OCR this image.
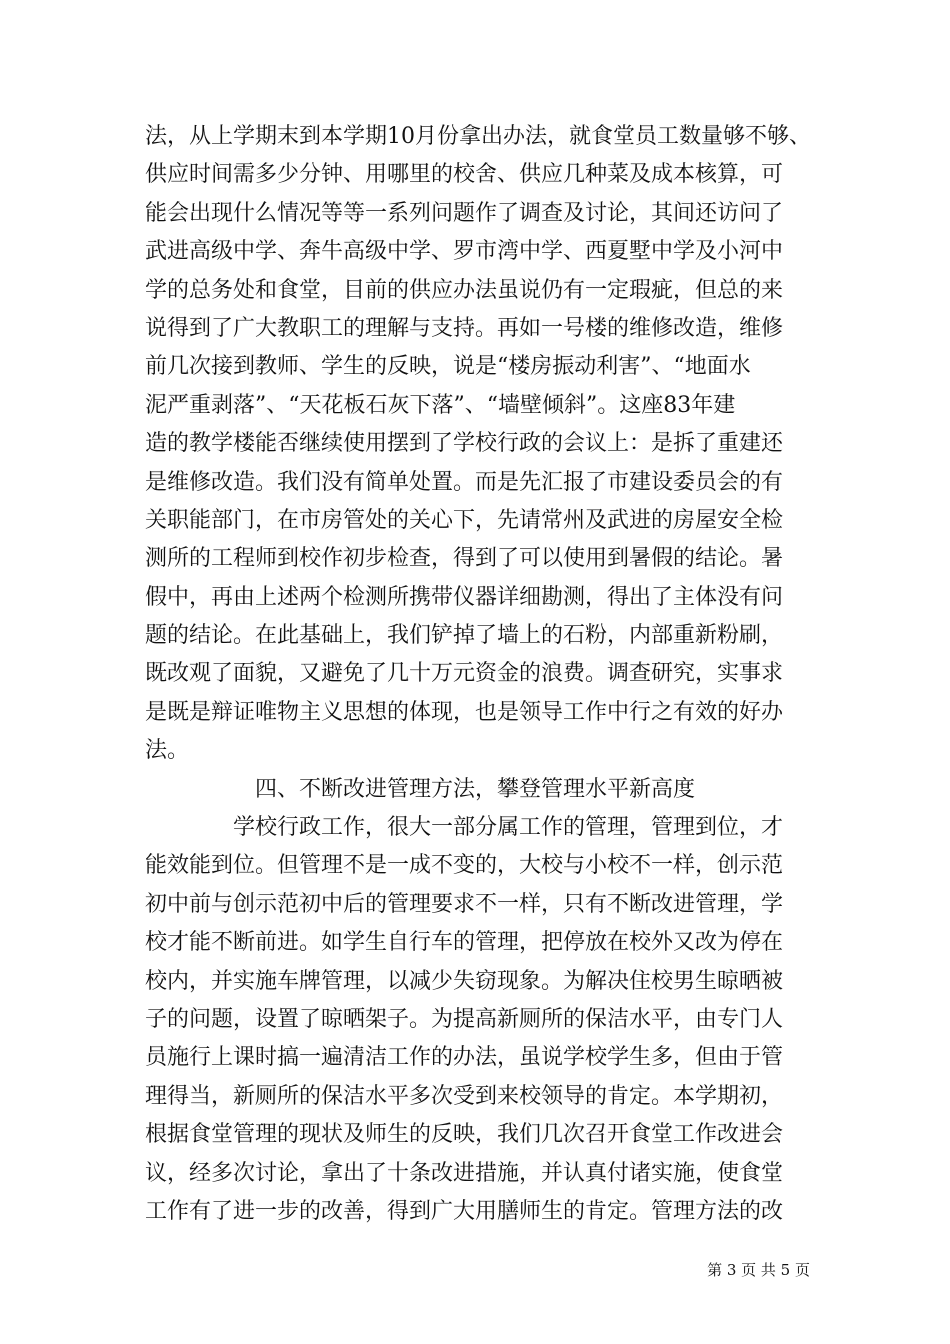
法，从上学期末到本学期10月份拿出办法，就食堂员工数量够不够、
供应时间需多少分钟、用哪里的校舍、供应几种菜及成本核算，可
能会出现什么情况等等一系列问题作了调查及讨论，其间还访问了
武进高级中学、奔牛高级中学、罗市湾中学、西夏墅中学及小河中
学的总务处和食堂，目前的供应办法虽说仍有一定瑕疵，但总的来
说得到了广大教职工的理解与支持。再如一号楼的维修改造，维修
前几次接到教师、学生的反映，说是“楼房振动利害”、“地面水
泥严重剥落”、“天花板石灰下落”、“墙壁倾斜”。这座83年建
造的教学楼能否继续使用摆到了学校行政的会议上：是拆了重建还
是维修改造。我们没有简单处置。而是先汇报了市建设委员会的有
关职能部门，在市房管处的关心下，先请常州及武进的房屋安全检
测所的工程师到校作初步检查，得到了可以使用到暑假的结论。暑
假中，再由上述两个检测所携带仪器详细勘测，得出了主体没有问
题的结论。在此基础上，我们铲掉了墙上的石粉，内部重新粉刷，
既改观了面貌，又避免了几十万元资金的浪费。调查研究，实事求
是既是辩证唯物主义思想的体现，也是领导工作中行之有效的好办
法。
四、不断改进管理方法，攀登管理水平新高度
学校行政工作，很大一部分属工作的管理，管理到位，才
能效能到位。但管理不是一成不变的，大校与小校不一样，创示范
初中前与创示范初中后的管理要求不一样，只有不断改进管理，学
校才能不断前进。如学生自行车的管理，把停放在校外又改为停在
校内，并实施车牌管理，以减少失窃现象。为解决住校男生晾晒被
子的问题，设置了晾晒架子。为提高新厕所的保洁水平，由专门人
员施行上课时搞一遍清洁工作的办法，虽说学校学生多，但由于管
理得当，新厕所的保洁水平多次受到来校领导的肯定。本学期初，
根据食堂管理的现状及师生的反映，我们几次召开食堂工作改进会
议，经多次讨论，拿出了十条改进措施，并认真付诸实施，使食堂
工作有了进一步的改善，得到广大用膳师生的肯定。管理方法的改
第 3 页 共 5 页
